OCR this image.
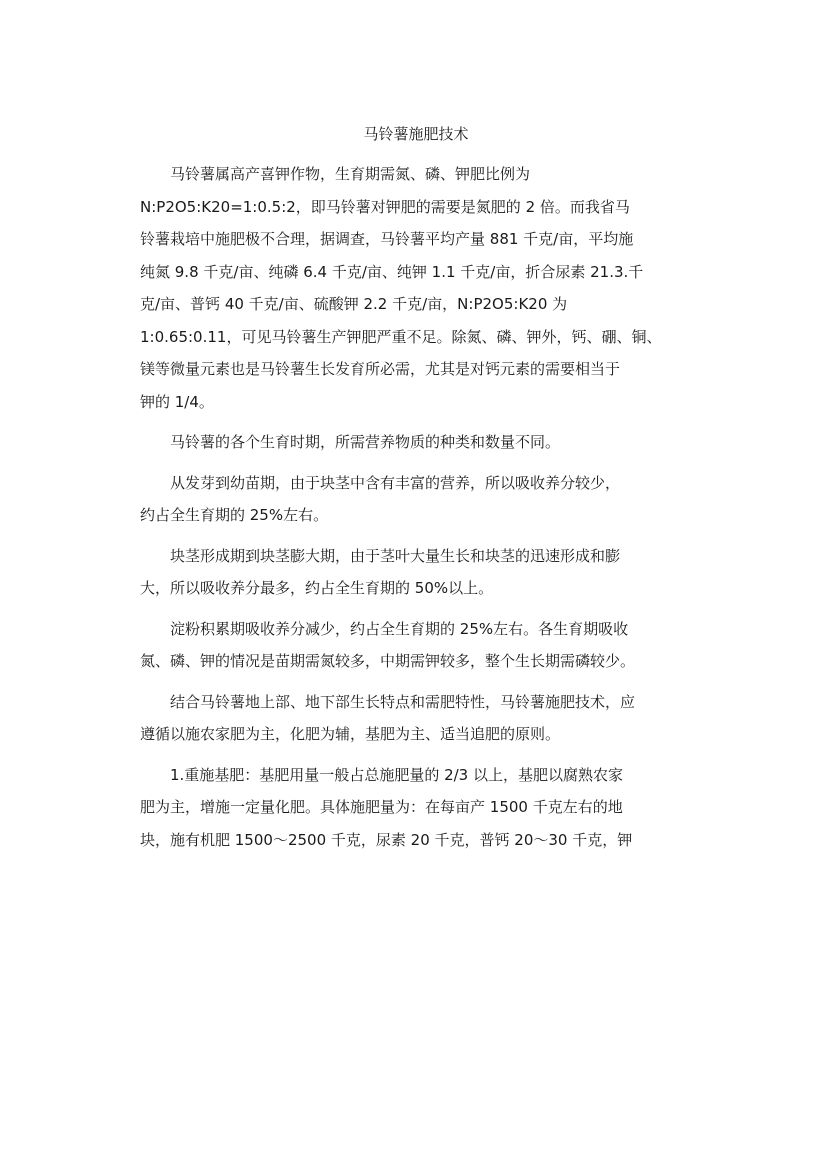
马铃薯施肥技术

马铃薯属高产喜钾作物，生育期需氮、磷、钾肥比例为
N:P2O5:K20=1:0.5:2，即马铃薯对钾肥的需要是氮肥的 2 倍。而我省马
铃薯栽培中施肥极不合理，据调查，马铃薯平均产量 881 千克/亩，平均施
纯氮 9.8 千克/亩、纯磷 6.4 千克/亩、纯钾 1.1 千克/亩，折合尿素 21.3.千
克/亩、普钙 40 千克/亩、硫酸钾 2.2 千克/亩，N:P2O5:K20 为
1:0.65:0.11，可见马铃薯生产钾肥严重不足。除氮、磷、钾外，钙、硼、铜、
镁等微量元素也是马铃薯生长发育所必需，尤其是对钙元素的需要相当于
钾的 1/4。

马铃薯的各个生育时期，所需营养物质的种类和数量不同。

从发芽到幼苗期，由于块茎中含有丰富的营养，所以吸收养分较少，
约占全生育期的 25%左右。

块茎形成期到块茎膨大期，由于茎叶大量生长和块茎的迅速形成和膨
大，所以吸收养分最多，约占全生育期的 50%以上。

淀粉积累期吸收养分减少，约占全生育期的 25%左右。各生育期吸收
氮、磷、钾的情况是苗期需氮较多，中期需钾较多，整个生长期需磷较少。

结合马铃薯地上部、地下部生长特点和需肥特性，马铃薯施肥技术，应
遵循以施农家肥为主，化肥为辅，基肥为主、适当追肥的原则。

1.重施基肥：基肥用量一般占总施肥量的 2/3 以上，基肥以腐熟农家
肥为主，增施一定量化肥。具体施肥量为：在每亩产 1500 千克左右的地
块，施有机肥 1500～2500 千克，尿素 20 千克，普钙 20～30 千克，钾
